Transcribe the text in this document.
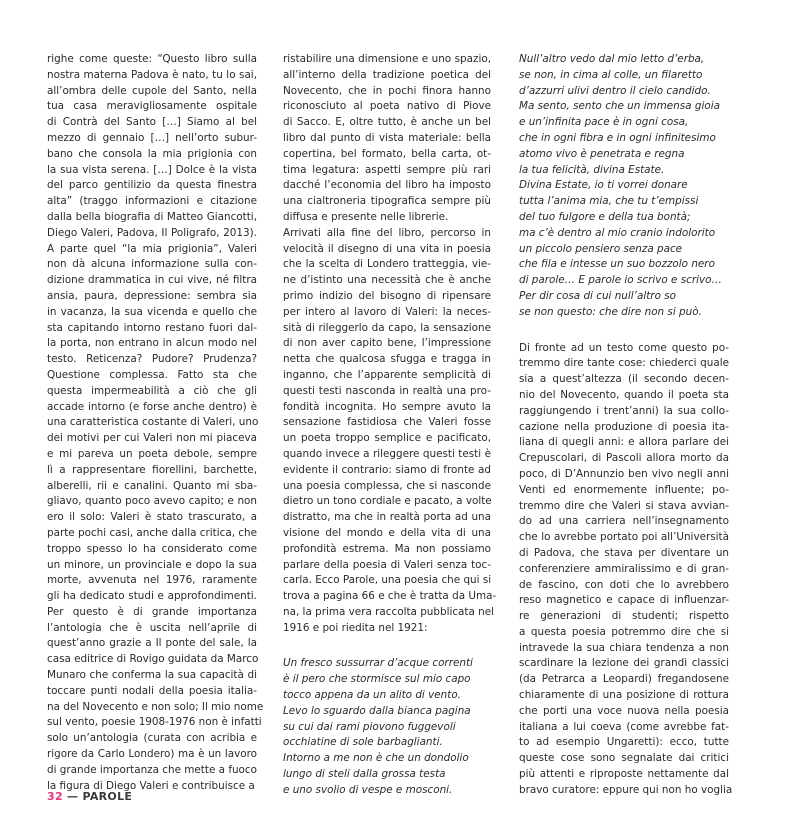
righe come queste: “Questo libro sulla
nostra materna Padova è nato, tu lo sai,
all’ombra delle cupole del Santo, nella
tua casa meravigliosamente ospitale
di Contrà del Santo […] Siamo al bel
mezzo di gennaio […] nell’orto subur-
bano che consola la mia prigionia con
la sua vista serena. […] Dolce è la vista
del parco gentilizio da questa finestra
alta” (traggo informazioni e citazione
dalla bella biografia di Matteo Giancotti,
Diego Valeri, Padova, Il Poligrafo, 2013).
A parte quel “la mia prigionia”, Valeri
non dà alcuna informazione sulla con-
dizione drammatica in cui vive, né filtra
ansia, paura, depressione: sembra sia
in vacanza, la sua vicenda e quello che
sta capitando intorno restano fuori dal-
la porta, non entrano in alcun modo nel
testo. Reticenza? Pudore? Prudenza?
Questione complessa. Fatto sta che
questa impermeabilità a ciò che gli
accade intorno (e forse anche dentro) è
una caratteristica costante di Valeri, uno
dei motivi per cui Valeri non mi piaceva
e mi pareva un poeta debole, sempre
lì a rappresentare fiorellini, barchette,
alberelli, rii e canalini. Quanto mi sba-
gliavo, quanto poco avevo capito; e non
ero il solo: Valeri è stato trascurato, a
parte pochi casi, anche dalla critica, che
troppo spesso lo ha considerato come
un minore, un provinciale e dopo la sua
morte, avvenuta nel 1976, raramente
gli ha dedicato studi e approfondimenti.
Per questo è di grande importanza
l’antologia che è uscita nell’aprile di
quest’anno grazie a Il ponte del sale, la
casa editrice di Rovigo guidata da Marco
Munaro che conferma la sua capacità di
toccare punti nodali della poesia italia-
na del Novecento e non solo; Il mio nome
sul vento, poesie 1908-1976 non è infatti
solo un’antologia (curata con acribia e
rigore da Carlo Londero) ma è un lavoro
di grande importanza che mette a fuoco
la figura di Diego Valeri e contribuisce a

ristabilire una dimensione e uno spazio,
all’interno della tradizione poetica del
Novecento, che in pochi finora hanno
riconosciuto al poeta nativo di Piove
di Sacco. E, oltre tutto, è anche un bel
libro dal punto di vista materiale: bella
copertina, bel formato, bella carta, ot-
tima legatura: aspetti sempre più rari
dacché l’economia del libro ha imposto
una cialtroneria tipografica sempre più
diffusa e presente nelle librerie.

Arrivati alla fine del libro, percorso in
velocità il disegno di una vita in poesia
che la scelta di Londero tratteggia, vie-
ne d’istinto una necessità che è anche
primo indizio del bisogno di ripensare
per intero al lavoro di Valeri: la neces-
sità di rileggerlo da capo, la sensazione
di non aver capito bene, l’impressione
netta che qualcosa sfugga e tragga in
inganno, che l’apparente semplicità di
questi testi nasconda in realtà una pro-
fondità incognita. Ho sempre avuto la
sensazione fastidiosa che Valeri fosse
un poeta troppo semplice e pacificato,
quando invece a rileggere questi testi è
evidente il contrario: siamo di fronte ad
una poesia complessa, che si nasconde
dietro un tono cordiale e pacato, a volte
distratto, ma che in realtà porta ad una
visione del mondo e della vita di una
profondità estrema. Ma non possiamo
parlare della poesia di Valeri senza toc-
carla. Ecco Parole, una poesia che qui si
trova a pagina 66 e che è tratta da Uma-
na, la prima vera raccolta pubblicata nel
1916 e poi riedita nel 1921:

Un fresco sussurrar d’acque correnti
è il pero che stormisce sul mio capo
tocco appena da un alito di vento.
Levo lo sguardo dalla bianca pagina
su cui dai rami piovono fuggevoli
occhiatine di sole barbaglianti.
Intorno a me non è che un dondolio
lungo di steli dalla grossa testa
e uno svolio di vespe e mosconi.

Null’altro vedo dal mio letto d’erba,
se non, in cima al colle, un filaretto
d’azzurri ulivi dentro il cielo candido.
Ma sento, sento che un immensa gioia
e un’infinita pace è in ogni cosa,
che in ogni fibra e in ogni infinitesimo
atomo vivo è penetrata e regna
la tua felicità, divina Estate.
Divina Estate, io ti vorrei donare
tutta l’anima mia, che tu t’empissi
del tuo fulgore e della tua bontà;
ma c’è dentro al mio cranio indolorito
un piccolo pensiero senza pace
che fila e intesse un suo bozzolo nero
di parole… E parole io scrivo e scrivo…
Per dir cosa di cui null’altro so
se non questo: che dire non si può.

Di fronte ad un testo come questo po-
tremmo dire tante cose: chiederci quale
sia a quest’altezza (il secondo decen-
nio del Novecento, quando il poeta sta
raggiungendo i trent’anni) la sua collo-
cazione nella produzione di poesia ita-
liana di quegli anni: e allora parlare dei
Crepuscolari, di Pascoli allora morto da
poco, di D’Annunzio ben vivo negli anni
Venti ed enormemente influente; po-
tremmo dire che Valeri si stava avvian-
do ad una carriera nell’insegnamento
che lo avrebbe portato poi all’Università
di Padova, che stava per diventare un
conferenziere ammiralissimo e di gran-
de fascino, con doti che lo avrebbero
reso magnetico e capace di influenzar-
re generazioni di studenti; rispetto
a questa poesia potremmo dire che si
intravede la sua chiara tendenza a non
scardinare la lezione dei grandi classici
(da Petrarca a Leopardi) fregandosene
chiaramente di una posizione di rottura
che porti una voce nuova nella poesia
italiana a lui coeva (come avrebbe fat-
to ad esempio Ungaretti): ecco, tutte
queste cose sono segnalate dai critici
più attenti e riproposte nettamente dal
bravo curatore: eppure qui non ho voglia

32 — PAROLE
